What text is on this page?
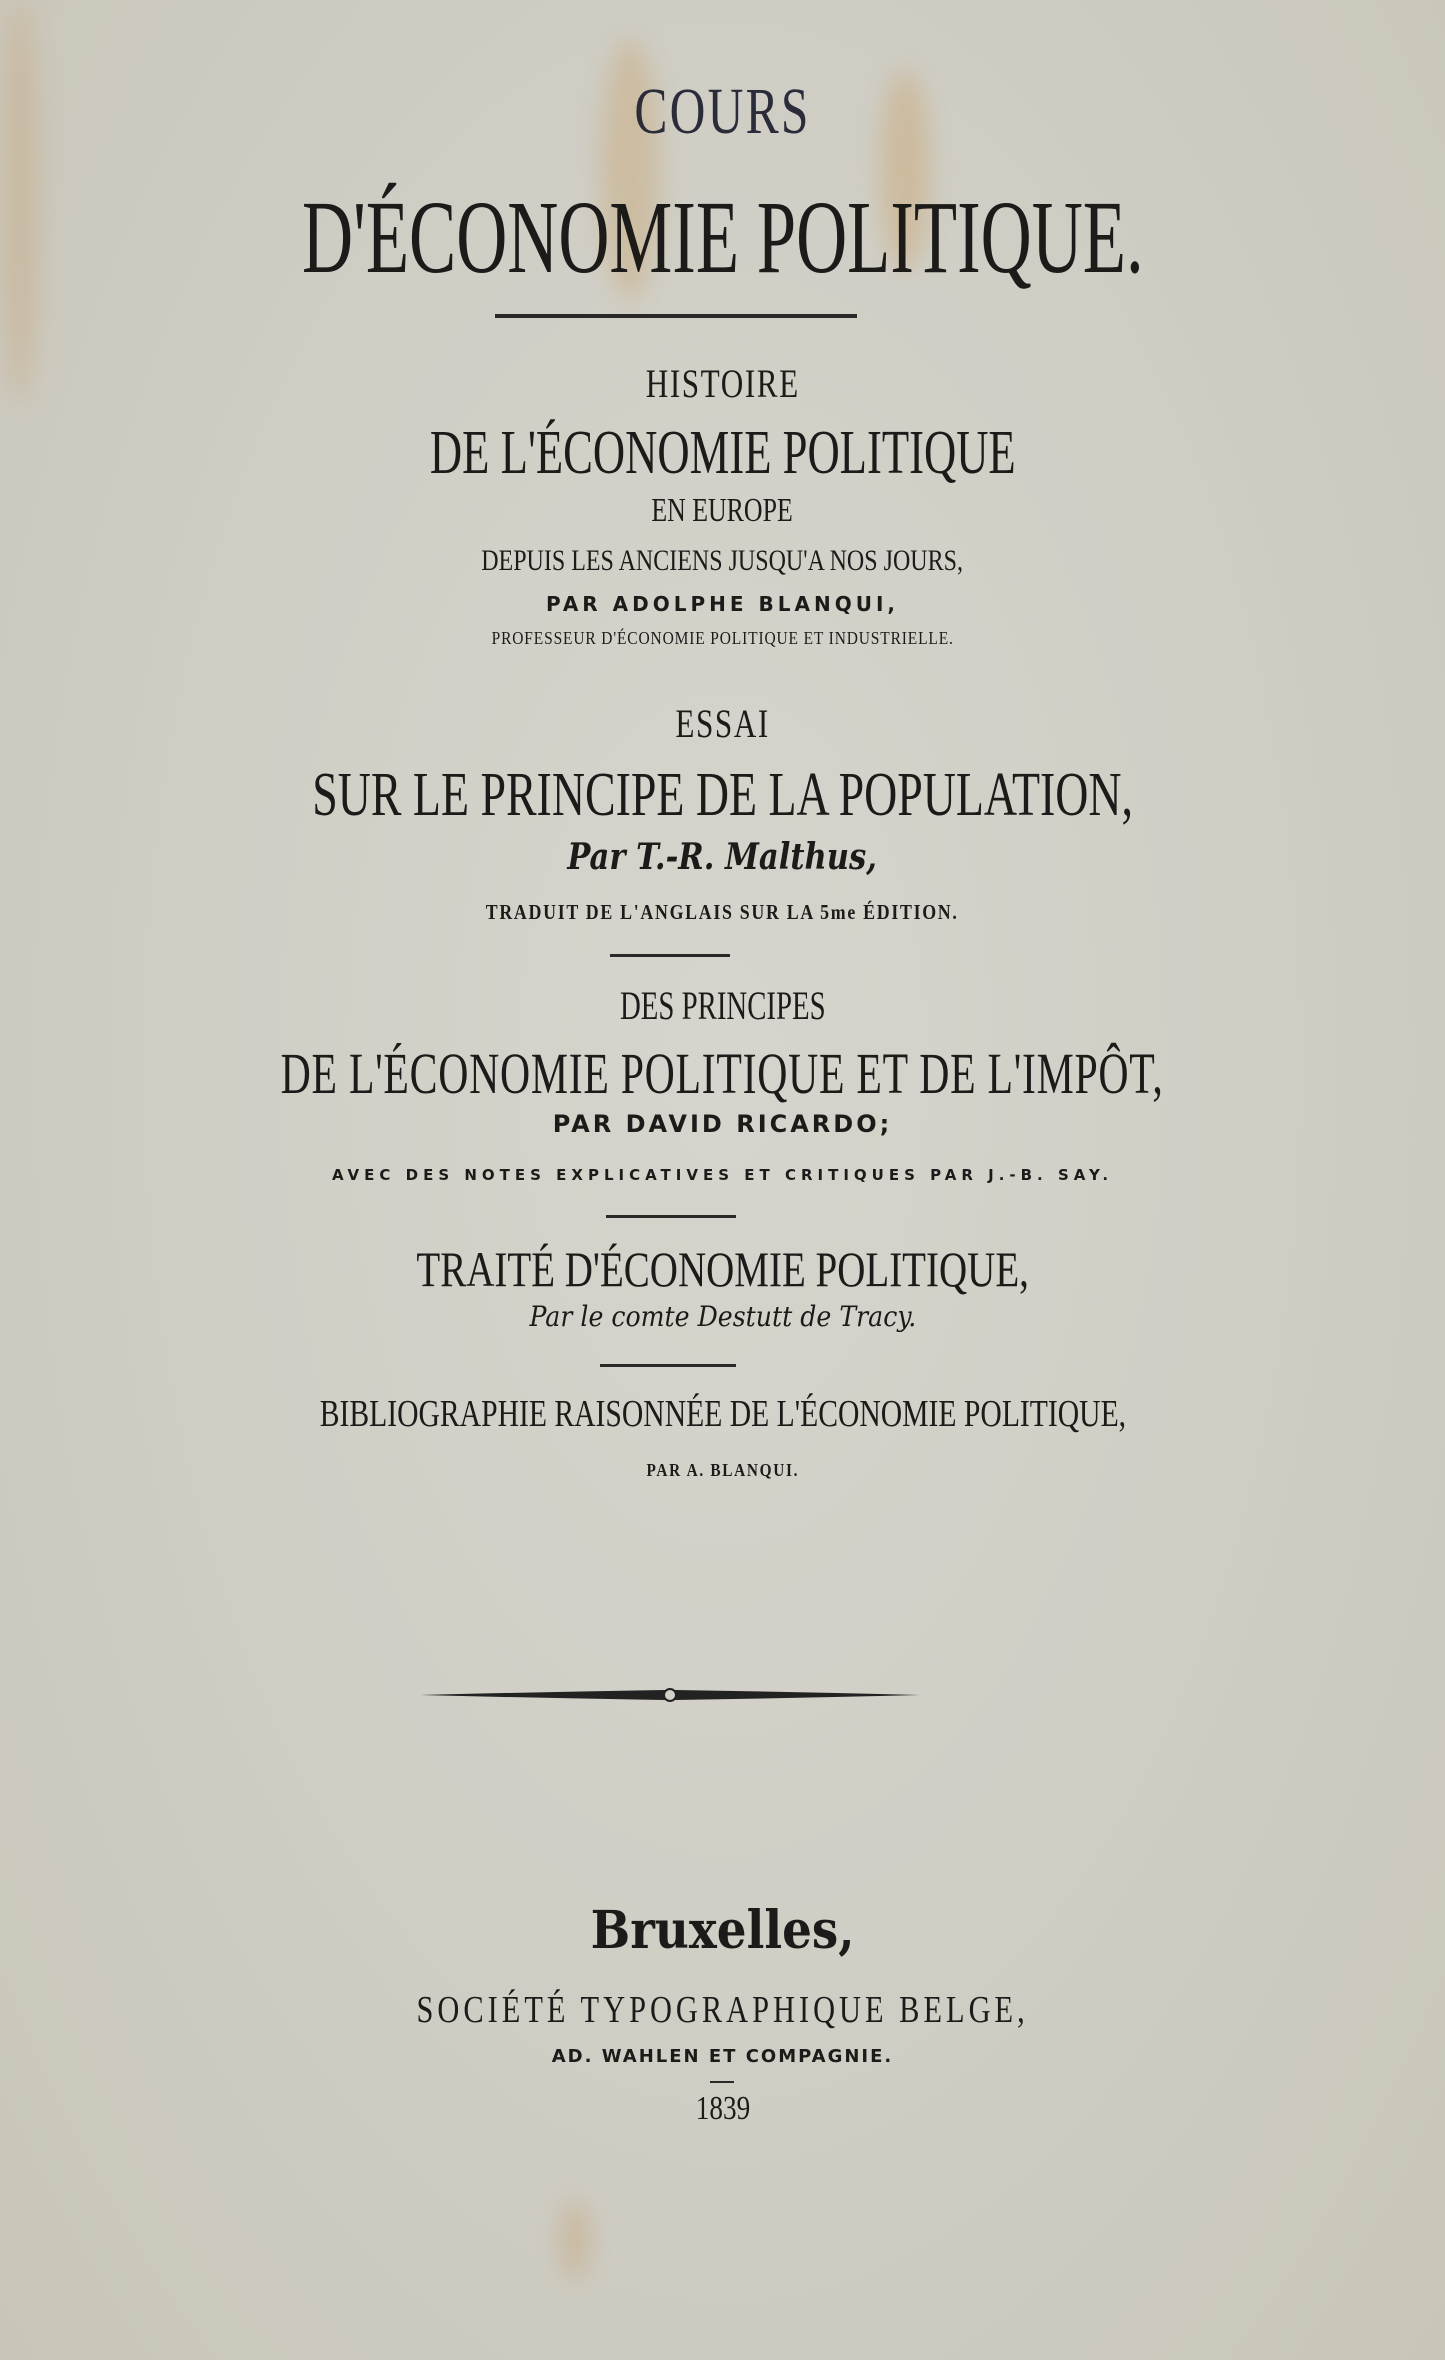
COURS
D'ÉCONOMIE POLITIQUE.
HISTOIRE
DE L'ÉCONOMIE POLITIQUE
EN EUROPE
DEPUIS LES ANCIENS JUSQU'A NOS JOURS,
PAR ADOLPHE BLANQUI,
PROFESSEUR D'ÉCONOMIE POLITIQUE ET INDUSTRIELLE.
ESSAI
SUR LE PRINCIPE DE LA POPULATION,
Par T.-R. Malthus,
TRADUIT DE L'ANGLAIS SUR LA 5me ÉDITION.
DES PRINCIPES
DE L'ÉCONOMIE POLITIQUE ET DE L'IMPÔT,
PAR DAVID RICARDO;
AVEC DES NOTES EXPLICATIVES ET CRITIQUES PAR J.-B. SAY.
TRAITÉ D'ÉCONOMIE POLITIQUE,
Par le comte Destutt de Tracy.
BIBLIOGRAPHIE RAISONNÉE DE L'ÉCONOMIE POLITIQUE,
PAR A. BLANQUI.
Bruxelles,
SOCIÉTÉ TYPOGRAPHIQUE BELGE,
AD. WAHLEN ET COMPAGNIE.
1839
